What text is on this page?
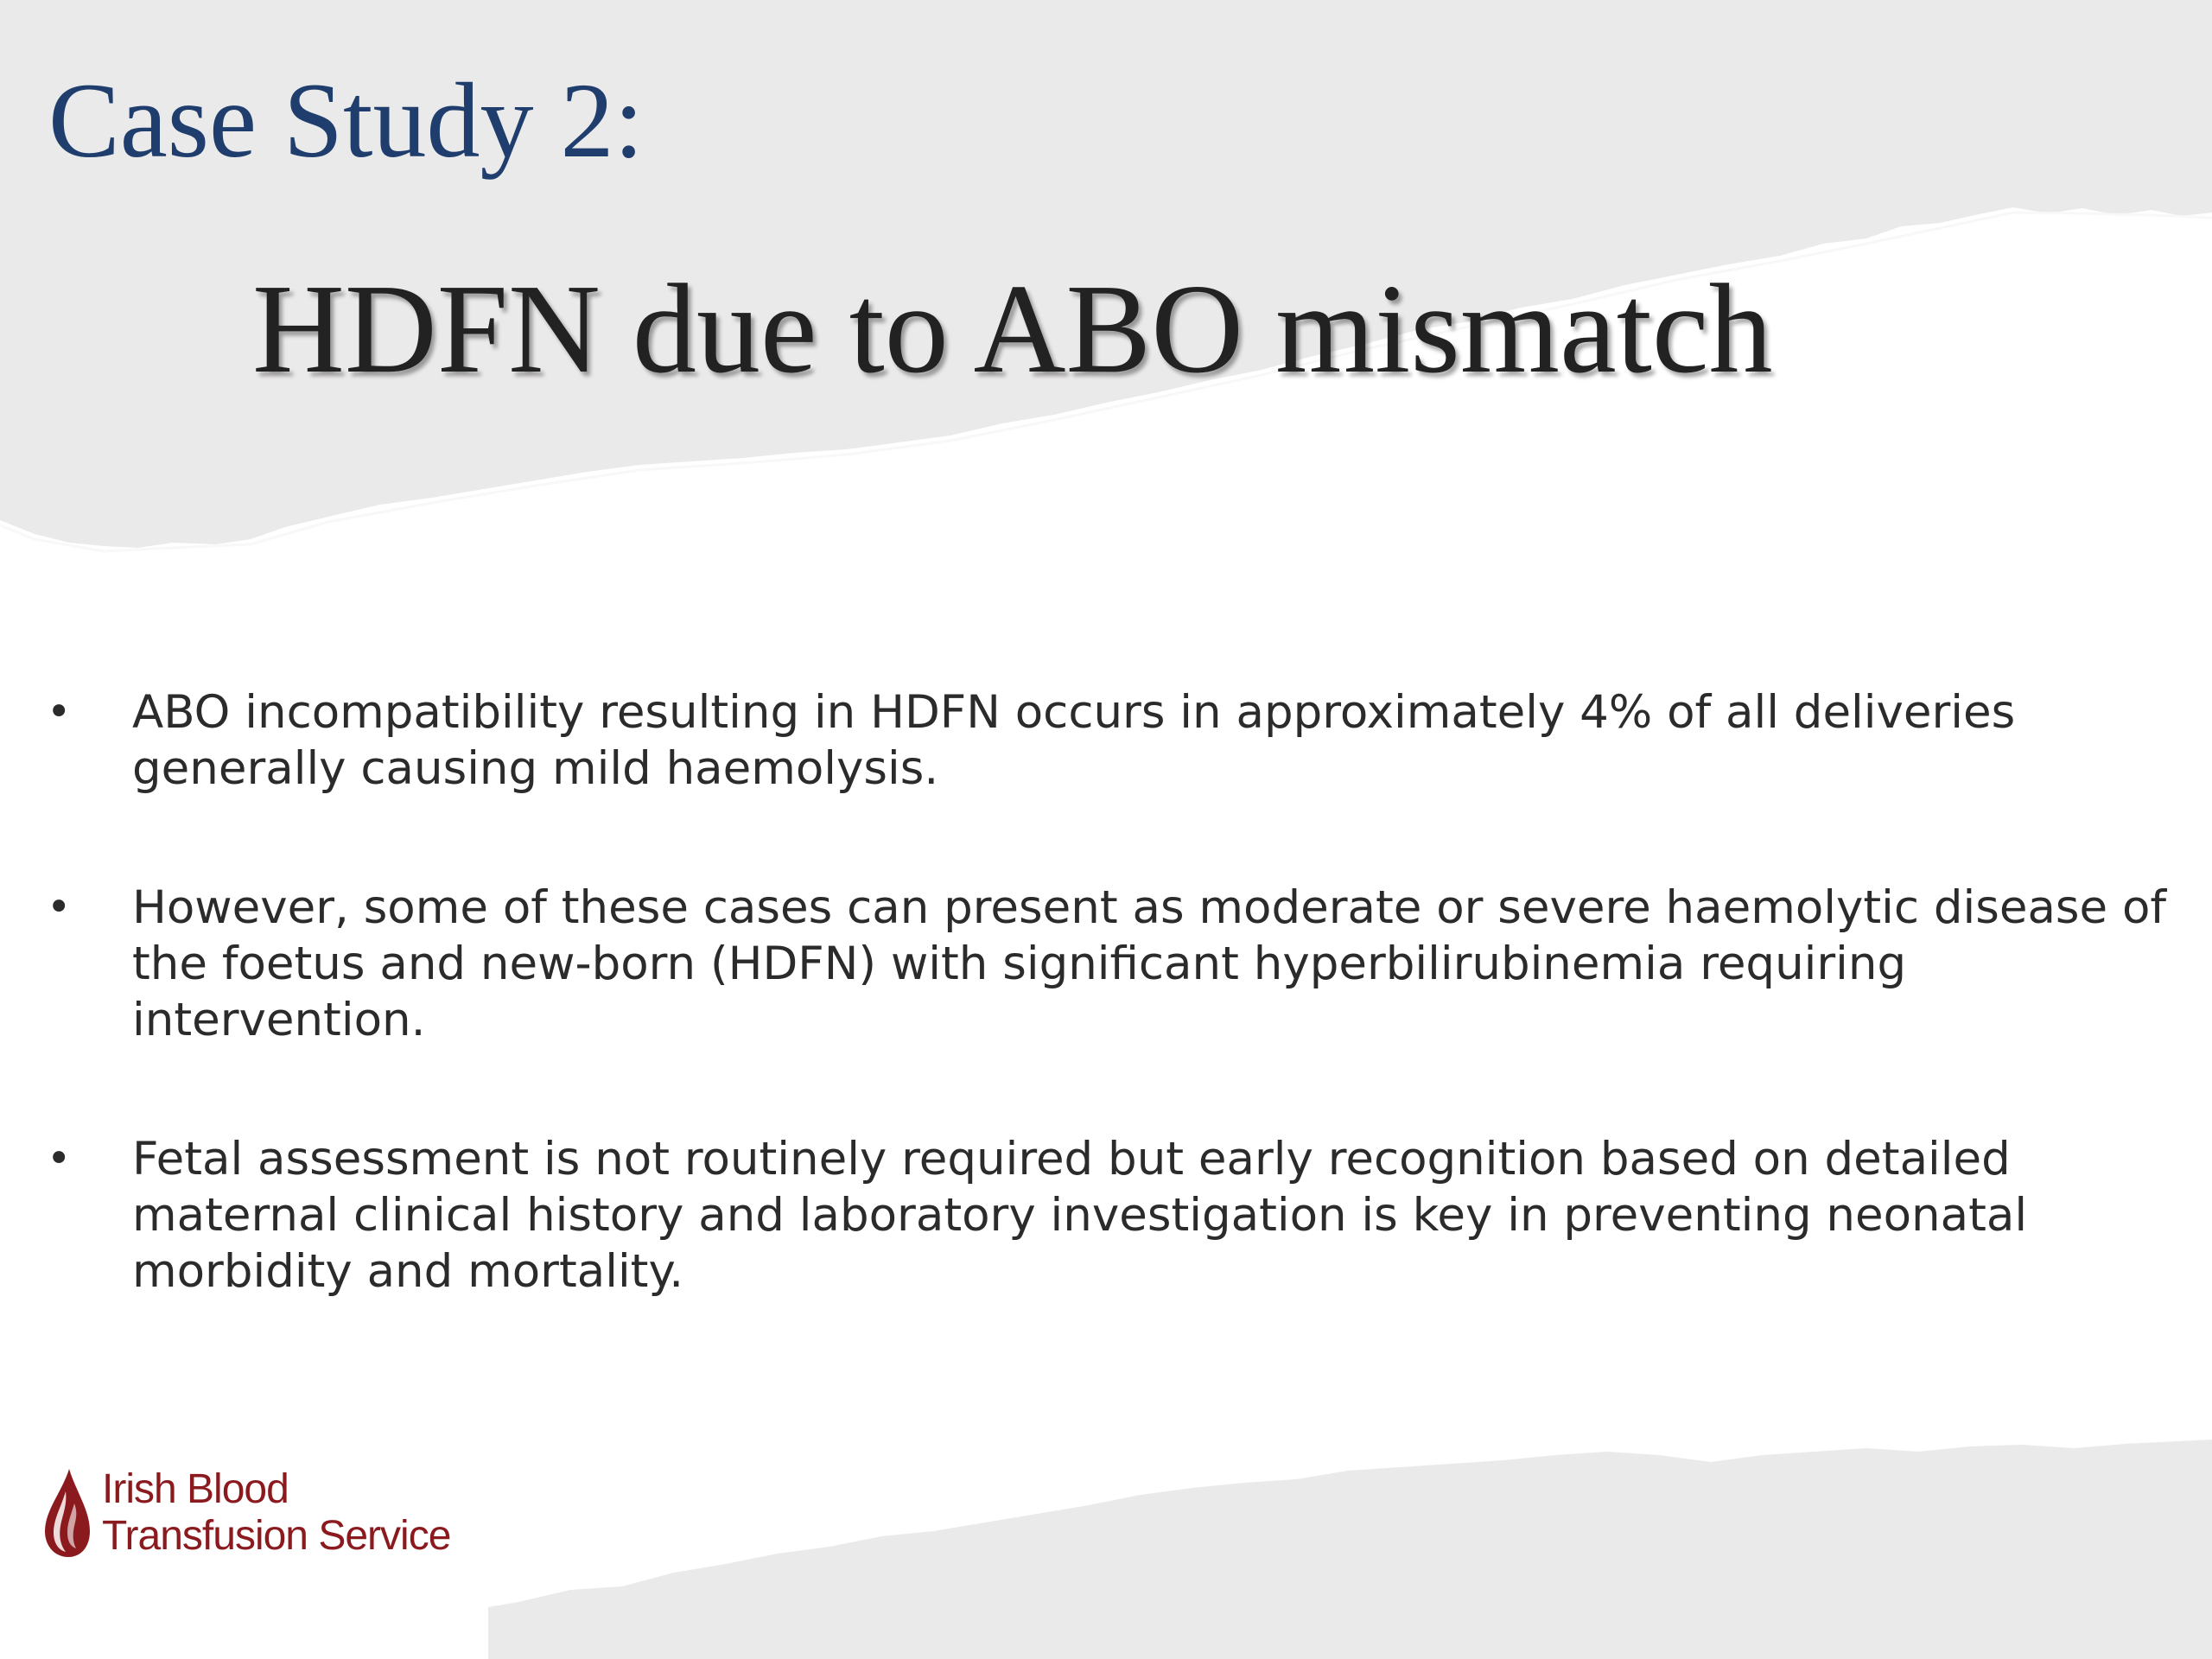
Case Study 2:
HDFN due to ABO mismatch
• ABO incompatibility resulting in HDFN occurs in approximately 4% of all deliveries generally causing mild haemolysis.
• However, some of these cases can present as moderate or severe haemolytic disease of the foetus and new-born (HDFN) with significant hyperbilirubinemia requiring intervention.
• Fetal assessment is not routinely required but early recognition based on detailed maternal clinical history and laboratory investigation is key in preventing neonatal morbidity and mortality.
Irish Blood
Transfusion Service
